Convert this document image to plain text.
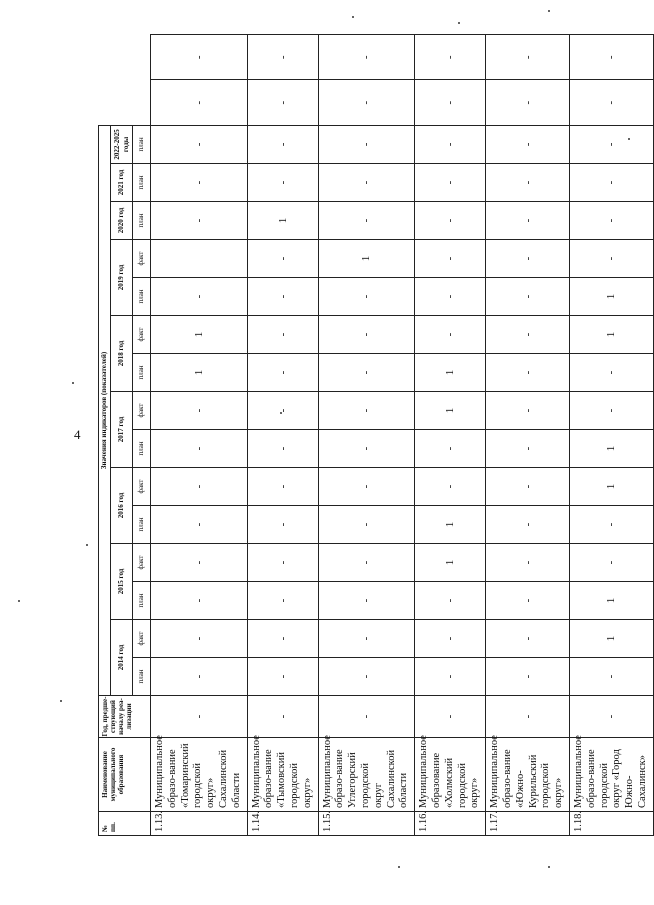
4
№ пп.	Наименование муниципального образования	Год, предше-ствующий началу реа-лизации	Значения индикаторов (показателей)																
			2014 год		2015 год		2016 год		2017 год		2018 год		2019 год		2020 год	2021 год	2022-2025 годы		
			план	факт	план	факт	план	факт	план	факт	план	факт	план	факт	план	план	план		
1.13.	Муниципальное образо-вание «Томаринский городской округ» Сахалинской области	-	-	-	-	-	-	-	-	-	1	1	-		-	-	-	-	-
1.14.	Муниципальное образо-вание «Тымовский городской округ»	-	-	-	-	-	-	-	-	-	-	-	-	-	1	-	-	-	-
1.15.	Муниципальное образо-вание Углегорский городской округ Сахалинской области	-	-	-	-	-	-	-	-	-	-	-	-	1	-	-	-	-	-
1.16.	Муниципальное образование «Холмский городской округ»	-	-	-	-	1	1	-	-	1	1	-	-	-	-	-	-	-	-
1.17.	Муниципальное образо-вание «Южно-Курильский городской округ»	-	-	-	-	-	-	-	-	-	-	-	-	-	-	-	-	-	-
1.18.	Муниципальное образо-вание городской округ «Город Южно-Сахалинск»	-	-	1	1	-	-	1	1	-	-	1	1	-	-	-	-	-	-
